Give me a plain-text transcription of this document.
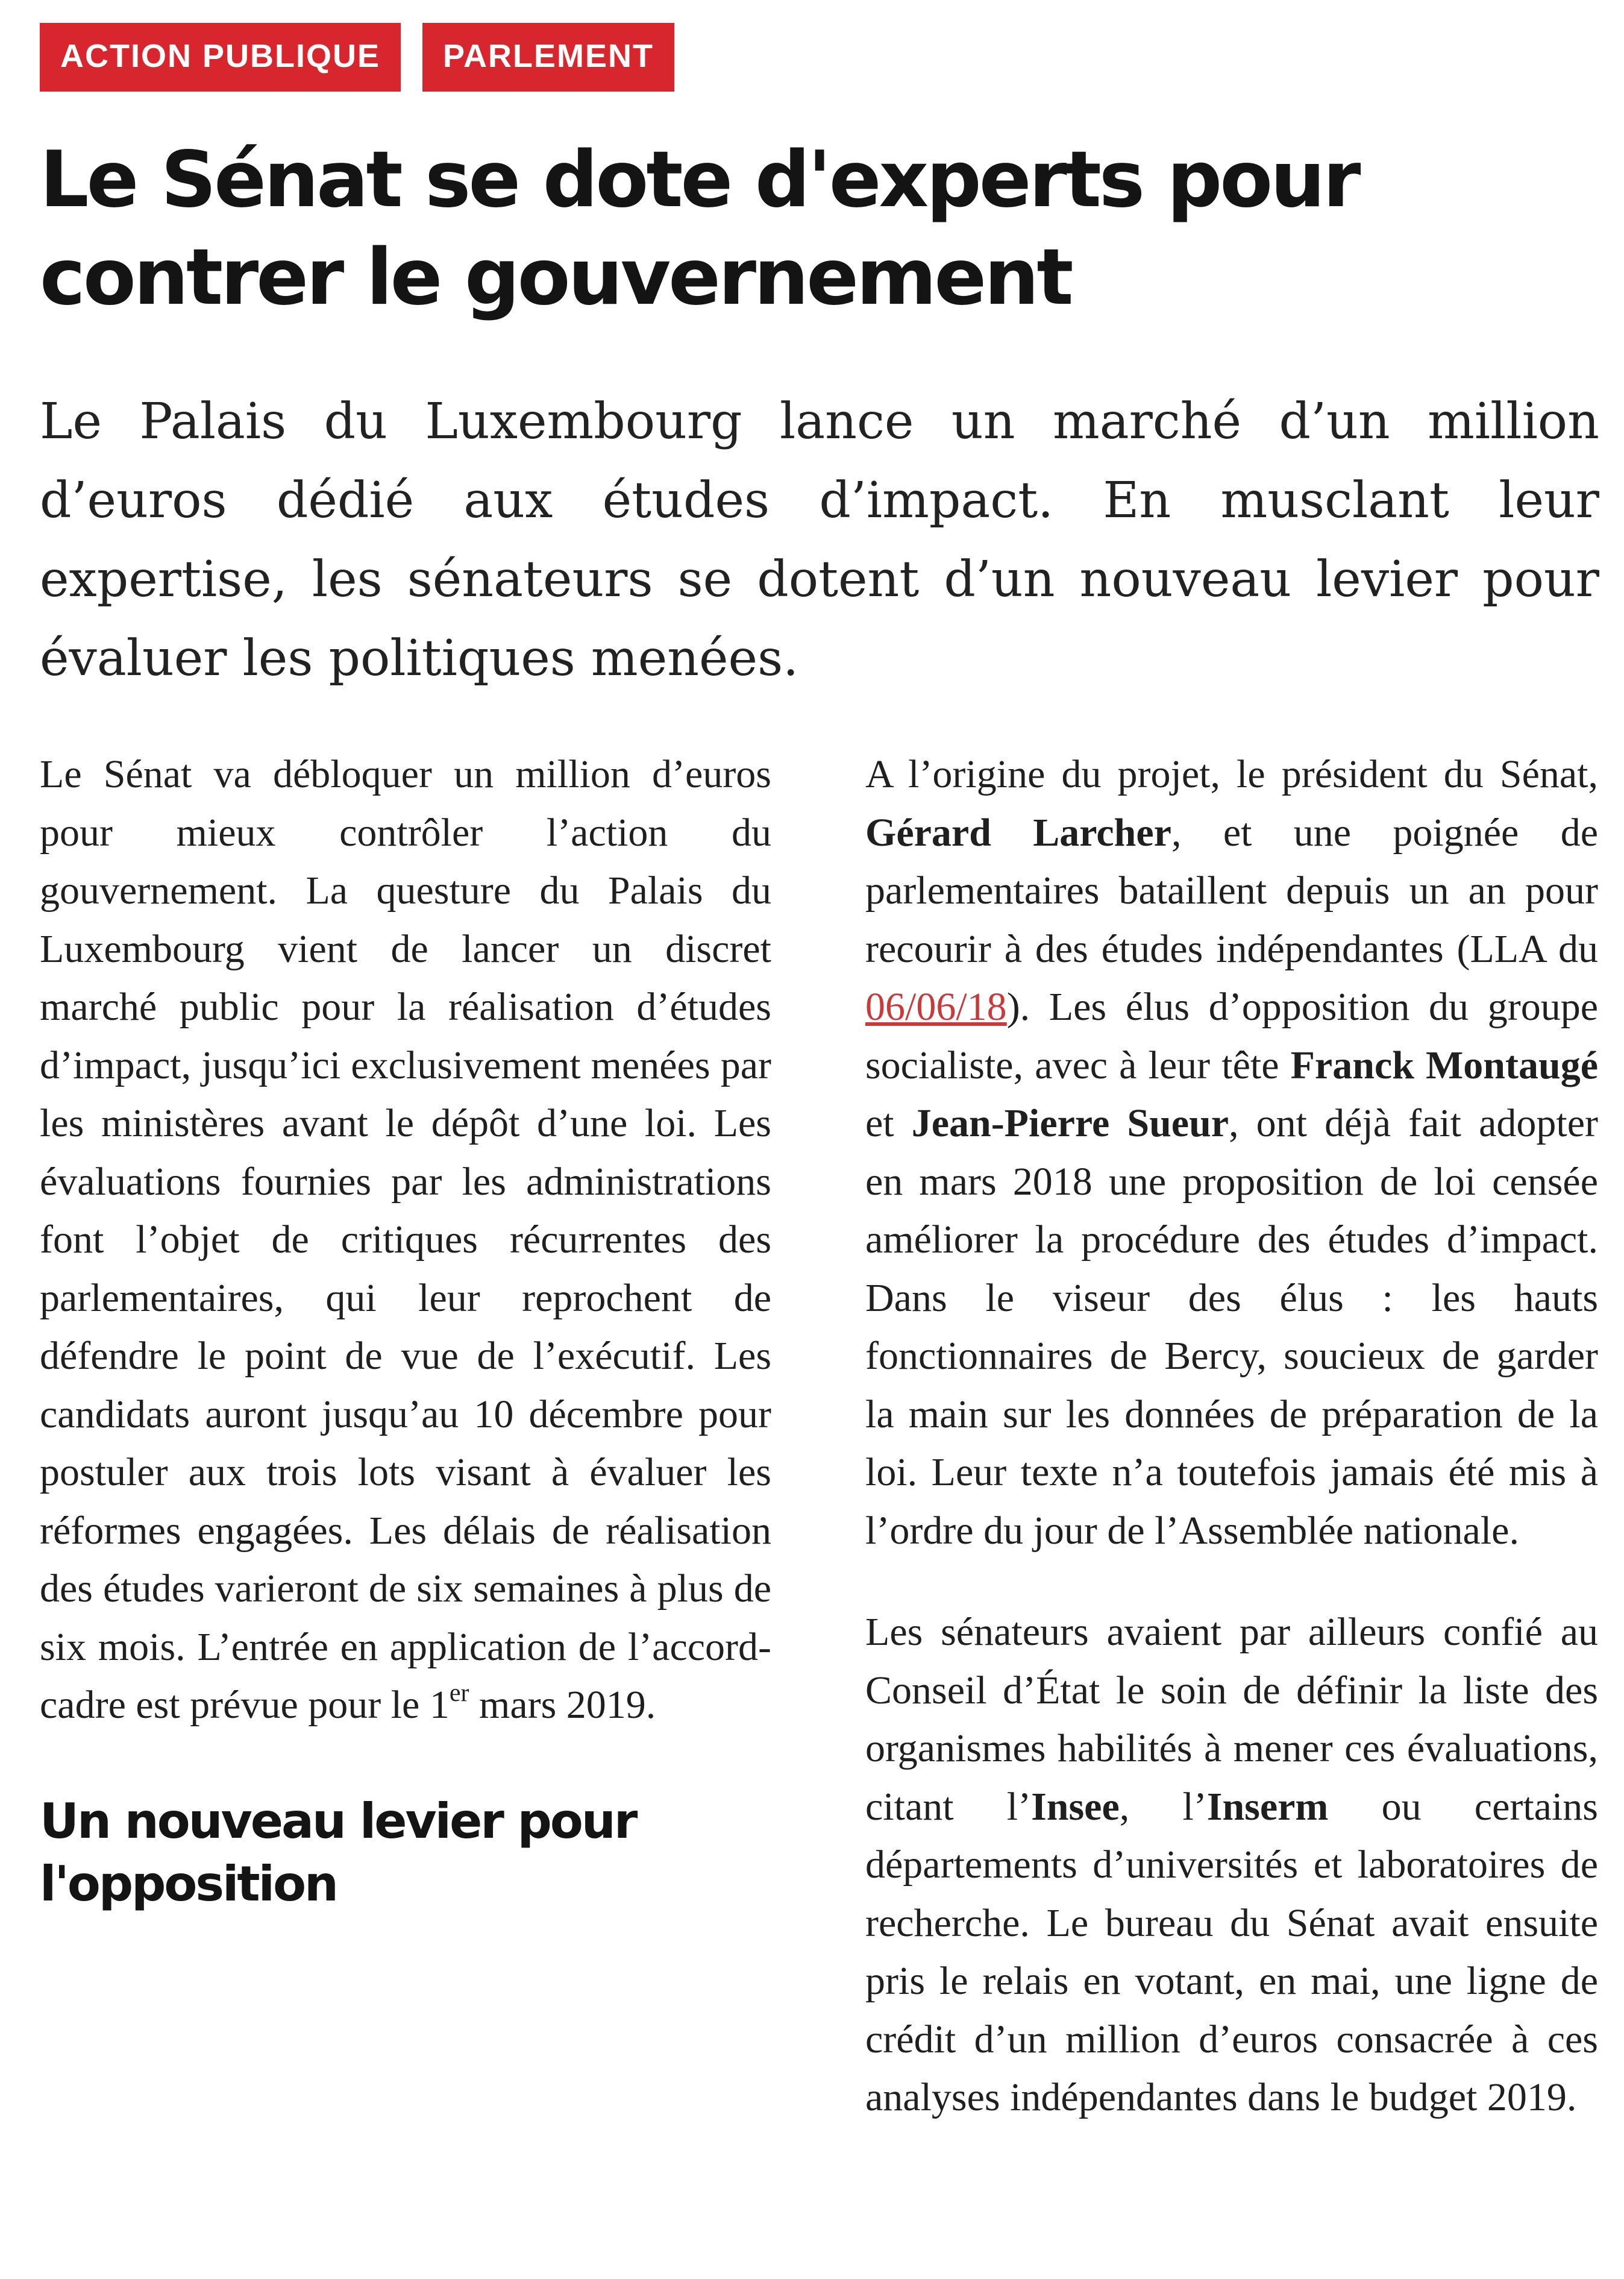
ACTION PUBLIQUE	PARLEMENT
Le Sénat se dote d'experts pour contrer le gouvernement

Le Palais du Luxembourg lance un marché d’un million d’euros dédié aux études d’impact. En musclant leur expertise, les sénateurs se dotent d’un nouveau levier pour évaluer les politiques menées.

Le Sénat va débloquer un million d’euros pour mieux contrôler l’action du gouvernement. La questure du Palais du Luxembourg vient de lancer un discret marché public pour la réalisation d’études d’impact, jusqu’ici exclusivement menées par les ministères avant le dépôt d’une loi. Les évaluations fournies par les administrations font l’objet de critiques récurrentes des parlementaires, qui leur reprochent de défendre le point de vue de l’exécutif. Les candidats auront jusqu’au 10 décembre pour postuler aux trois lots visant à évaluer les réformes engagées. Les délais de réalisation des études varieront de six semaines à plus de six mois. L’entrée en application de l’accord-cadre est prévue pour le 1er mars 2019.

Un nouveau levier pour l'opposition

A l’origine du projet, le président du Sénat, Gérard Larcher, et une poignée de parlementaires bataillent depuis un an pour recourir à des études indépendantes (LLA du 06/06/18). Les élus d’opposition du groupe socialiste, avec à leur tête Franck Montaugé et Jean-Pierre Sueur, ont déjà fait adopter en mars 2018 une proposition de loi censée améliorer la procédure des études d’impact. Dans le viseur des élus : les hauts fonctionnaires de Bercy, soucieux de garder la main sur les données de préparation de la loi. Leur texte n’a toutefois jamais été mis à l’ordre du jour de l’Assemblée nationale.

Les sénateurs avaient par ailleurs confié au Conseil d’État le soin de définir la liste des organismes habilités à mener ces évaluations, citant l’Insee, l’Inserm ou certains départements d’universités et laboratoires de recherche. Le bureau du Sénat avait ensuite pris le relais en votant, en mai, une ligne de crédit d’un million d’euros consacrée à ces analyses indépendantes dans le budget 2019.
